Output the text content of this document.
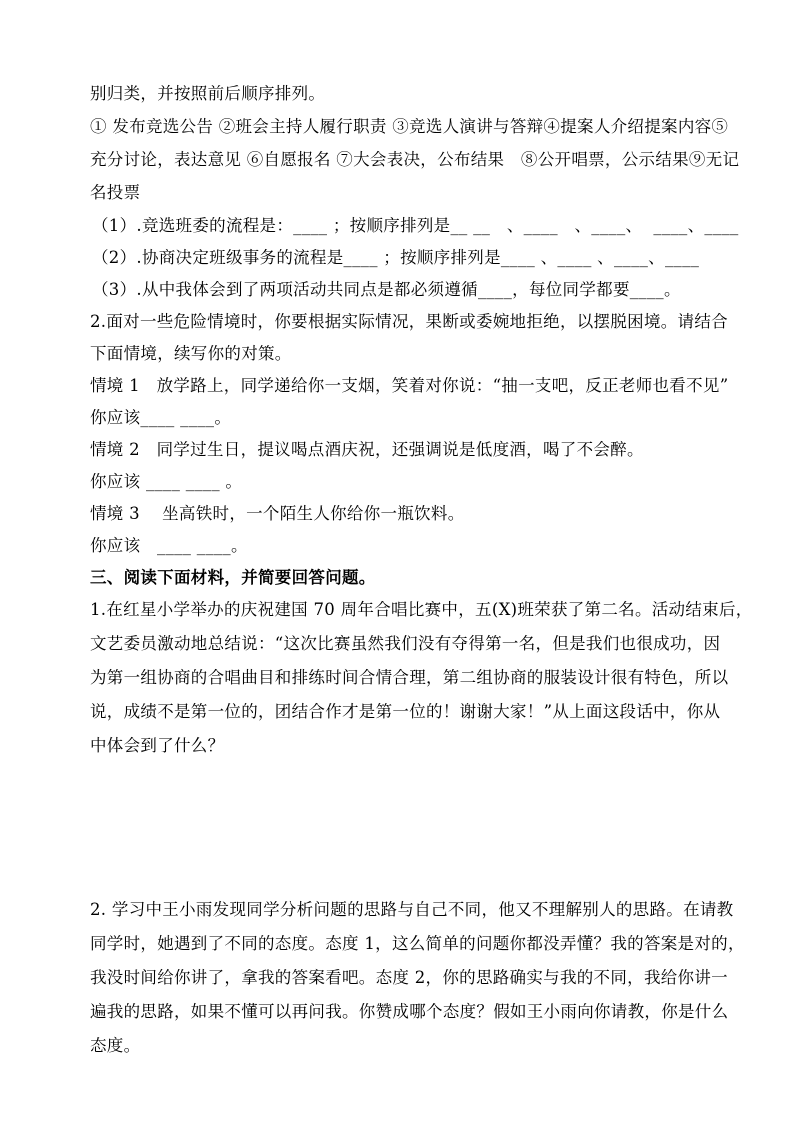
别归类，并按照前后顺序排列。
① 发布竞选公告 ②班会主持人履行职责 ③竞选人演讲与答辩④提案人介绍提案内容⑤
充分讨论，表达意见 ⑥自愿报名 ⑦大会表决，公布结果   ⑧公开唱票，公示结果⑨无记
名投票
（1）.竞选班委的流程是：____ ；按顺序排列是__ __   、____   、____、  ____、____
（2）.协商决定班级事务的流程是____ ；按顺序排列是____ 、____ 、____、____
（3）.从中我体会到了两项活动共同点是都必须遵循____，每位同学都要____。
2.面对一些危险情境时，你要根据实际情况，果断或委婉地拒绝，以摆脱困境。请结合
下面情境，续写你的对策。
情境 1   放学路上，同学递给你一支烟，笑着对你说：“抽一支吧，反正老师也看不见”
你应该____ ____。
情境 2   同学过生日，提议喝点酒庆祝，还强调说是低度酒，喝了不会醉。
你应该 ____ ____ 。
情境 3    坐高铁时，一个陌生人你给你一瓶饮料。
你应该   ____ ____。
三、阅读下面材料，并简要回答问题。
1.在红星小学举办的庆祝建国 70 周年合唱比赛中，五(X)班荣获了第二名。活动结束后，
文艺委员激动地总结说：“这次比赛虽然我们没有夺得第一名，但是我们也很成功，因
为第一组协商的合唱曲目和排练时间合情合理，第二组协商的服装设计很有特色，所以
说，成绩不是第一位的，团结合作才是第一位的！谢谢大家！”从上面这段话中，你从
中体会到了什么？
2. 学习中王小雨发现同学分析问题的思路与自己不同，他又不理解别人的思路。在请教
同学时，她遇到了不同的态度。态度 1，这么简单的问题你都没弄懂？我的答案是对的，
我没时间给你讲了，拿我的答案看吧。态度 2，你的思路确实与我的不同，我给你讲一
遍我的思路，如果不懂可以再问我。你赞成哪个态度？假如王小雨向你请教，你是什么
态度。
